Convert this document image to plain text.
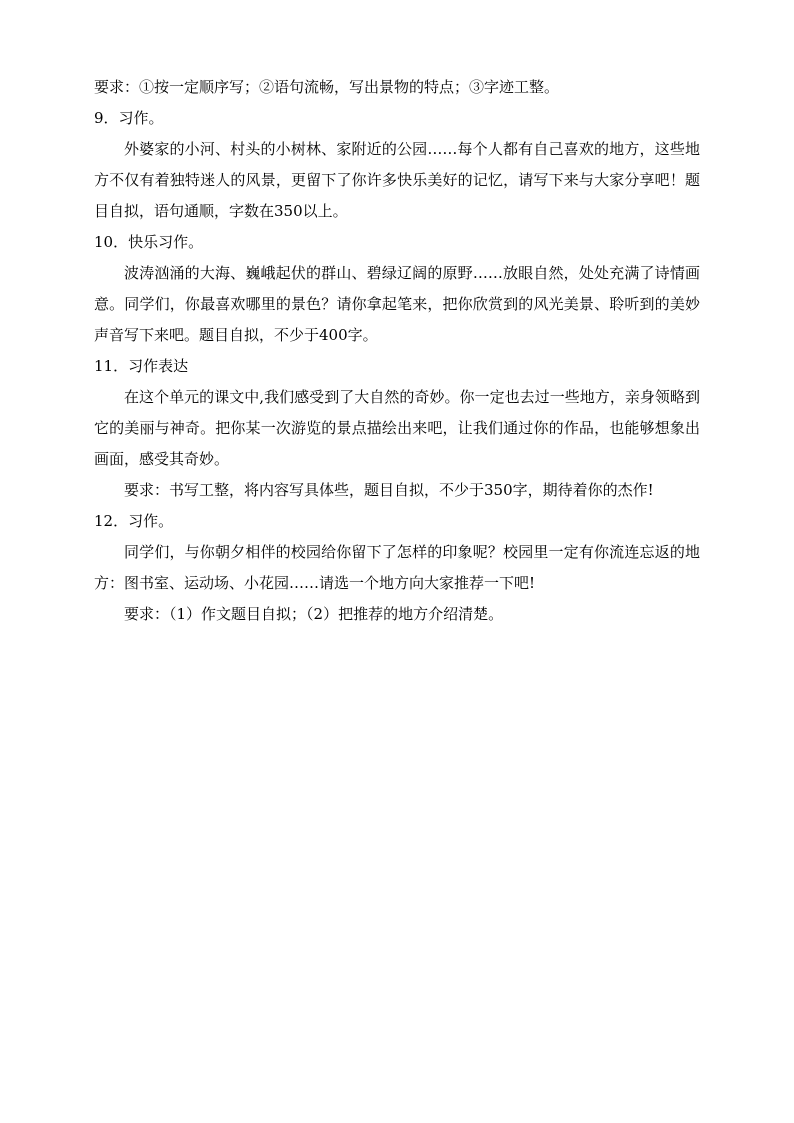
要求：①按一定顺序写；②语句流畅，写出景物的特点；③字迹工整。

9．习作。

外婆家的小河、村头的小树林、家附近的公园……每个人都有自己喜欢的地方，这些地方不仅有着独特迷人的风景，更留下了你许多快乐美好的记忆，请写下来与大家分享吧！题目自拟，语句通顺，字数在350以上。

10．快乐习作。

波涛汹涌的大海、巍峨起伏的群山、碧绿辽阔的原野……放眼自然，处处充满了诗情画意。同学们，你最喜欢哪里的景色？请你拿起笔来，把你欣赏到的风光美景、聆听到的美妙声音写下来吧。题目自拟，不少于400字。

11．习作表达

在这个单元的课文中,我们感受到了大自然的奇妙。你一定也去过一些地方，亲身领略到它的美丽与神奇。把你某一次游览的景点描绘出来吧，让我们通过你的作品，也能够想象出画面，感受其奇妙。

要求：书写工整，将内容写具体些，题目自拟，不少于350字，期待着你的杰作!

12．习作。

同学们，与你朝夕相伴的校园给你留下了怎样的印象呢？校园里一定有你流连忘返的地方：图书室、运动场、小花园……请选一个地方向大家推荐一下吧!

要求：（1）作文题目自拟；（2）把推荐的地方介绍清楚。
